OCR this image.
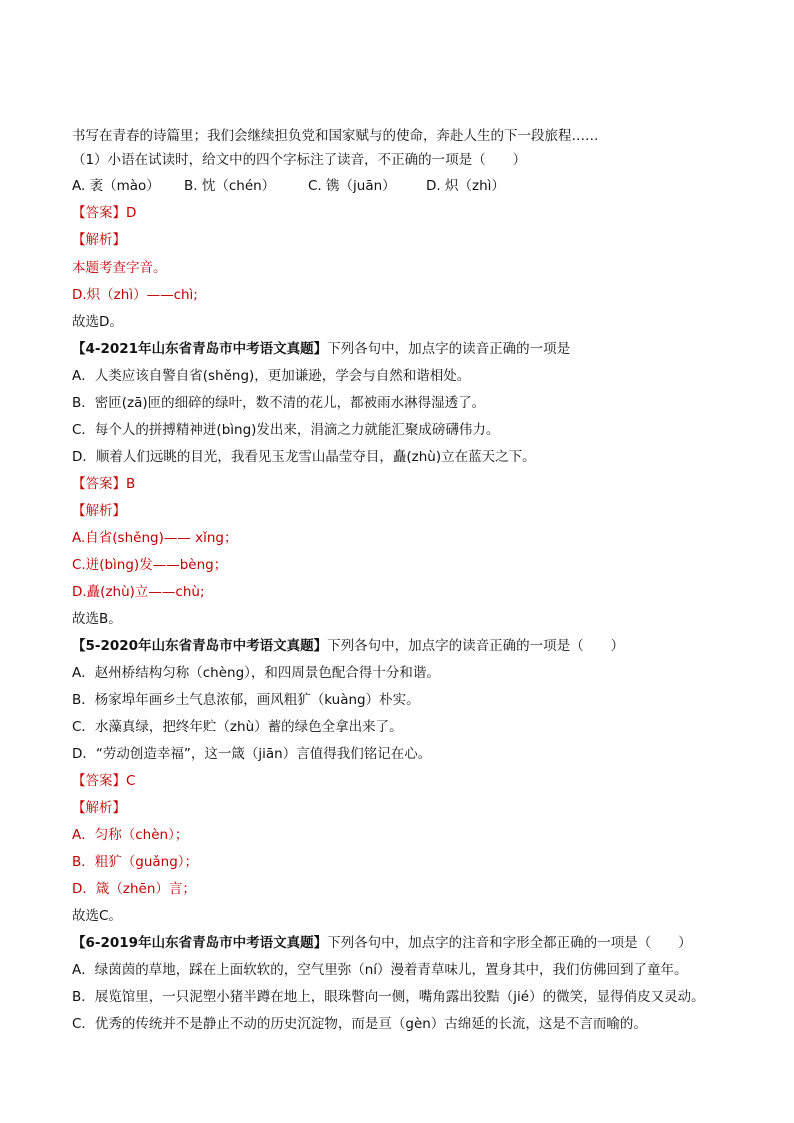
书写在青春的诗篇里；我们会继续担负党和国家赋与的使命，奔赴人生的下一段旅程……
（1）小语在试读时，给文中的四个字标注了读音，不正确的一项是（　　）
A. 袤（mào） B. 忱（chén） C. 镌（juān） D. 炽（zhì）
【答案】D
【解析】
本题考查字音。
D.炽（zhì）——chì;
故选D。
【4-2021年山东省青岛市中考语文真题】下列各句中，加点字的读音正确的一项是
A．人类应该自警自省(shěng)，更加谦逊，学会与自然和谐相处。
B．密匝(zā)匝的细碎的绿叶，数不清的花儿，都被雨水淋得湿透了。
C．每个人的拼搏精神迸(bìng)发出来，涓滴之力就能汇聚成磅礴伟力。
D．顺着人们远眺的目光，我看见玉龙雪山晶莹夺目，矗(zhù)立在蓝天之下。
【答案】B
【解析】
A.自省(shěng)—— xǐng；
C.迸(bìng)发——bèng；
D.矗(zhù)立——chù;
故选B。
【5-2020年山东省青岛市中考语文真题】下列各句中，加点字的读音正确的一项是（　　）
A．赵州桥结构匀称（chèng），和四周景色配合得十分和谐。
B．杨家埠年画乡土气息浓郁，画风粗犷（kuàng）朴实。
C．水藻真绿，把终年贮（zhù）蓄的绿色全拿出来了。
D．“劳动创造幸福”，这一箴（jiān）言值得我们铭记在心。
【答案】C
【解析】
A．匀称（chèn）；
B．粗犷（guǎng）；
D．箴（zhēn）言；
故选C。
【6-2019年山东省青岛市中考语文真题】下列各句中，加点字的注音和字形全都正确的一项是（　　）
A．绿茵茵的草地，踩在上面软软的，空气里弥（ní）漫着青草味儿，置身其中，我们仿佛回到了童年。
B．展览馆里，一只泥塑小猪半蹲在地上，眼珠瞥向一侧，嘴角露出狡黠（jié）的微笑，显得俏皮又灵动。
C．优秀的传统并不是静止不动的历史沉淀物，而是亘（gèn）古绵延的长流，这是不言而喻的。
